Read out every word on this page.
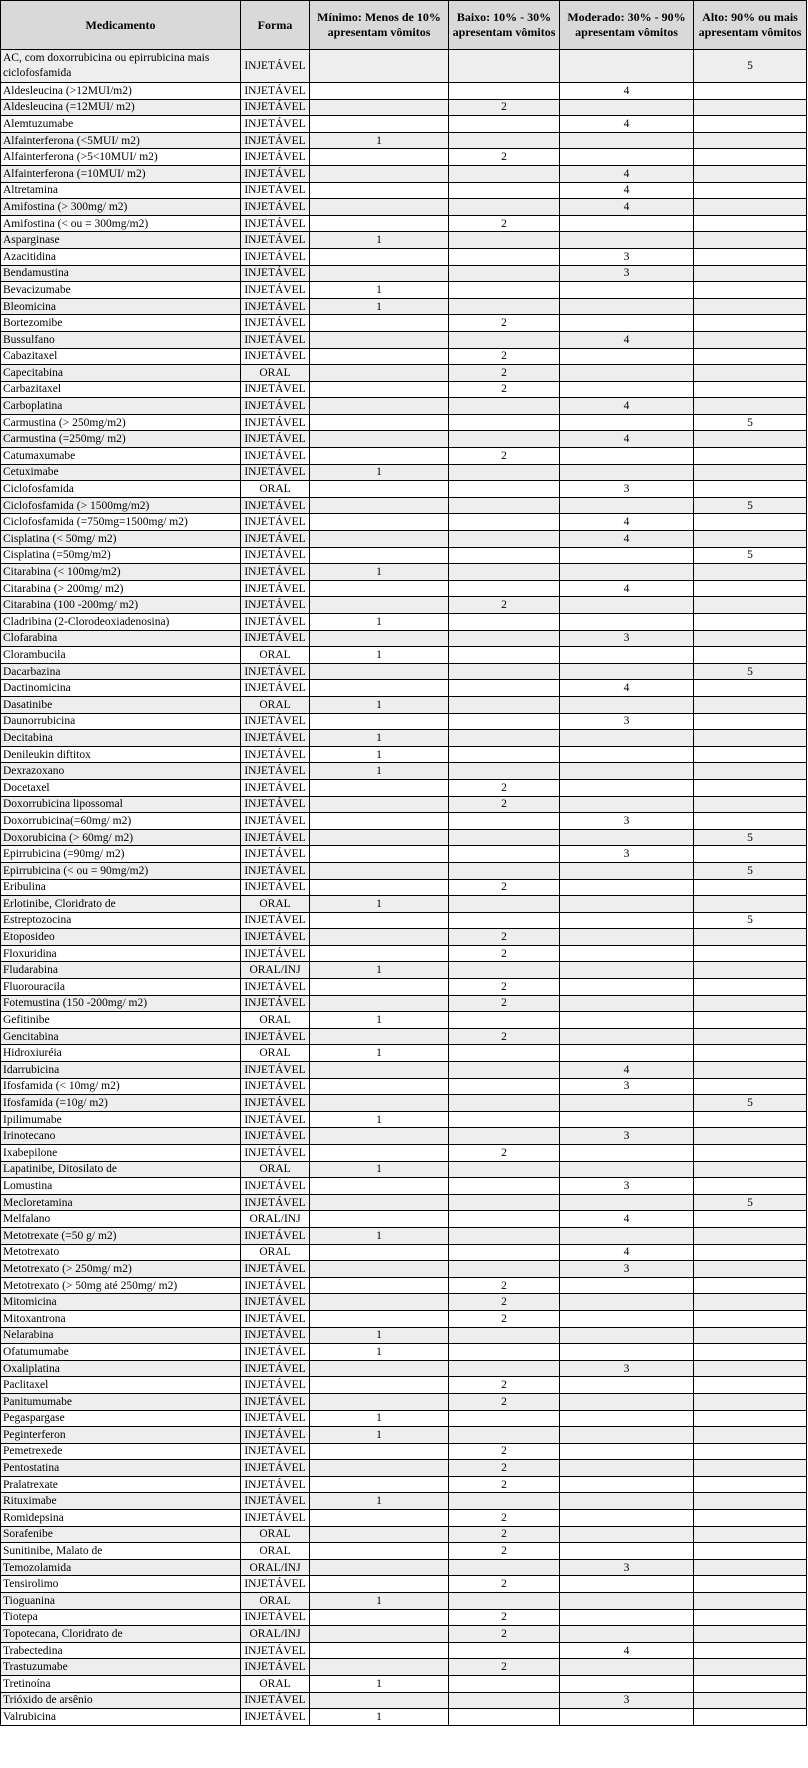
Medicamento	Forma	Mínimo: Menos de 10% apresentam vômitos	Baixo: 10% - 30% apresentam vômitos	Moderado: 30% - 90% apresentam vômitos	Alto: 90% ou mais apresentam vômitos
AC, com doxorrubicina ou epirrubicina mais ciclofosfamida	INJETÁVEL				5
Aldesleucina (>12MUI/m2)	INJETÁVEL			4	
Aldesleucina (=12MUI/ m2)	INJETÁVEL		2		
Alemtuzumabe	INJETÁVEL			4	
Alfainterferona (<5MUI/ m2)	INJETÁVEL	1			
Alfainterferona (>5<10MUI/ m2)	INJETÁVEL		2		
Alfainterferona (=10MUI/ m2)	INJETÁVEL			4	
Altretamina	INJETÁVEL			4	
Amifostina (> 300mg/ m2)	INJETÁVEL			4	
Amifostina (< ou = 300mg/m2)	INJETÁVEL		2		
Asparginase	INJETÁVEL	1			
Azacitidina	INJETÁVEL			3	
Bendamustina	INJETÁVEL			3	
Bevacizumabe	INJETÁVEL	1			
Bleomicina	INJETÁVEL	1			
Bortezomibe	INJETÁVEL		2		
Bussulfano	INJETÁVEL			4	
Cabazitaxel	INJETÁVEL		2		
Capecitabina	ORAL		2		
Carbazitaxel	INJETÁVEL		2		
Carboplatina	INJETÁVEL			4	
Carmustina (> 250mg/m2)	INJETÁVEL				5
Carmustina (=250mg/ m2)	INJETÁVEL			4	
Catumaxumabe	INJETÁVEL		2		
Cetuximabe	INJETÁVEL	1			
Ciclofosfamida	ORAL			3	
Ciclofosfamida (> 1500mg/m2)	INJETÁVEL				5
Ciclofosfamida (=750mg=1500mg/ m2)	INJETÁVEL			4	
Cisplatina (< 50mg/ m2)	INJETÁVEL			4	
Cisplatina (=50mg/m2)	INJETÁVEL				5
Citarabina (< 100mg/m2)	INJETÁVEL	1			
Citarabina (> 200mg/ m2)	INJETÁVEL			4	
Citarabina (100 -200mg/ m2)	INJETÁVEL		2		
Cladribina (2-Clorodeoxiadenosina)	INJETÁVEL	1			
Clofarabina	INJETÁVEL			3	
Clorambucila	ORAL	1			
Dacarbazina	INJETÁVEL				5
Dactinomicina	INJETÁVEL			4	
Dasatinibe	ORAL	1			
Daunorrubicina	INJETÁVEL			3	
Decitabina	INJETÁVEL	1			
Denileukin diftitox	INJETÁVEL	1			
Dexrazoxano	INJETÁVEL	1			
Docetaxel	INJETÁVEL		2		
Doxorrubicina lipossomal	INJETÁVEL		2		
Doxorrubicina(=60mg/ m2)	INJETÁVEL			3	
Doxorubicina (> 60mg/ m2)	INJETÁVEL				5
Epirrubicina (=90mg/ m2)	INJETÁVEL			3	
Epirrubicina (< ou = 90mg/m2)	INJETÁVEL				5
Eribulina	INJETÁVEL		2		
Erlotinibe, Cloridrato de	ORAL	1			
Estreptozocina	INJETÁVEL				5
Etoposideo	INJETÁVEL		2		
Floxuridina	INJETÁVEL		2		
Fludarabina	ORAL/INJ	1			
Fluorouracila	INJETÁVEL		2		
Fotemustina (150 -200mg/ m2)	INJETÁVEL		2		
Gefitinibe	ORAL	1			
Gencitabina	INJETÁVEL		2		
Hidroxiuréia	ORAL	1			
Idarrubicina	INJETÁVEL			4	
Ifosfamida (< 10mg/ m2)	INJETÁVEL			3	
Ifosfamida (=10g/ m2)	INJETÁVEL				5
Ipilimumabe	INJETÁVEL	1			
Irinotecano	INJETÁVEL			3	
Ixabepilone	INJETÁVEL		2		
Lapatinibe, Ditosilato de	ORAL	1			
Lomustina	INJETÁVEL			3	
Mecloretamina	INJETÁVEL				5
Melfalano	ORAL/INJ			4	
Metotrexate (=50 g/ m2)	INJETÁVEL	1			
Metotrexato	ORAL			4	
Metotrexato (> 250mg/ m2)	INJETÁVEL			3	
Metotrexato (> 50mg até 250mg/ m2)	INJETÁVEL		2		
Mitomicina	INJETÁVEL		2		
Mitoxantrona	INJETÁVEL		2		
Nelarabina	INJETÁVEL	1			
Ofatumumabe	INJETÁVEL	1			
Oxaliplatina	INJETÁVEL			3	
Paclitaxel	INJETÁVEL		2		
Panitumumabe	INJETÁVEL		2		
Pegaspargase	INJETÁVEL	1			
Peginterferon	INJETÁVEL	1			
Pemetrexede	INJETÁVEL		2		
Pentostatina	INJETÁVEL		2		
Pralatrexate	INJETÁVEL		2		
Rituximabe	INJETÁVEL	1			
Romidepsina	INJETÁVEL		2		
Sorafenibe	ORAL		2		
Sunitinibe, Malato de	ORAL		2		
Temozolamida	ORAL/INJ			3	
Tensirolimo	INJETÁVEL		2		
Tioguanina	ORAL	1			
Tiotepa	INJETÁVEL		2		
Topotecana, Cloridrato de	ORAL/INJ		2		
Trabectedina	INJETÁVEL			4	
Trastuzumabe	INJETÁVEL		2		
Tretinoína	ORAL	1			
Trióxido de arsênio	INJETÁVEL			3	
Valrubicina	INJETÁVEL	1			
